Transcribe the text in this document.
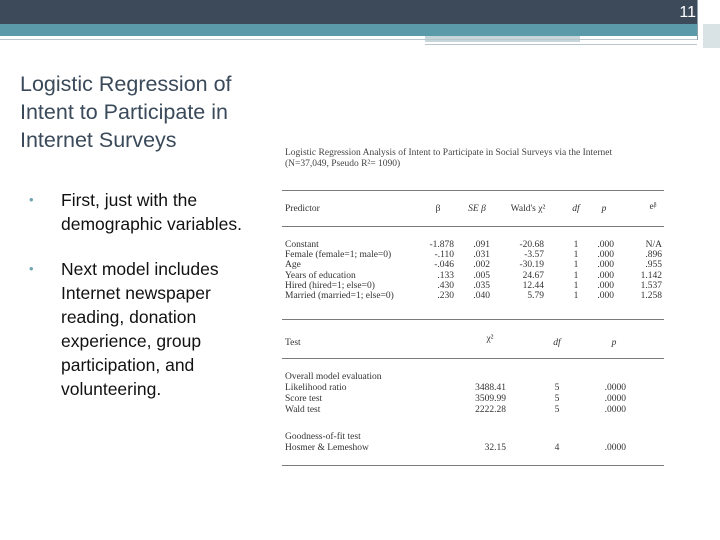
11
Logistic Regression of Intent to Participate in Internet Surveys
• First, just with the demographic variables.
• Next model includes Internet newspaper reading, donation experience, group participation, and volunteering.
Logistic Regression Analysis of Intent to Participate in Social Surveys via the Internet
(N=37,049, Pseudo R²= 1090)
Predictor	β	SE β	Wald's χ²	df	p	eᵝ
Constant	-1.878	.091	-20.68	1	.000	N/A
Female (female=1; male=0)	-.110	.031	-3.57	1	.000	.896
Age	-.046	.002	-30.19	1	.000	.955
Years of education	.133	.005	24.67	1	.000	1.142
Hired (hired=1; else=0)	.430	.035	12.44	1	.000	1.537
Married (married=1; else=0)	.230	.040	5.79	1	.000	1.258
Test	χ²	df	p
Overall model evaluation
Likelihood ratio	3488.41	5	.0000
Score test	3509.99	5	.0000
Wald test	2222.28	5	.0000
Goodness-of-fit test
Hosmer & Lemeshow	32.15	4	.0000
